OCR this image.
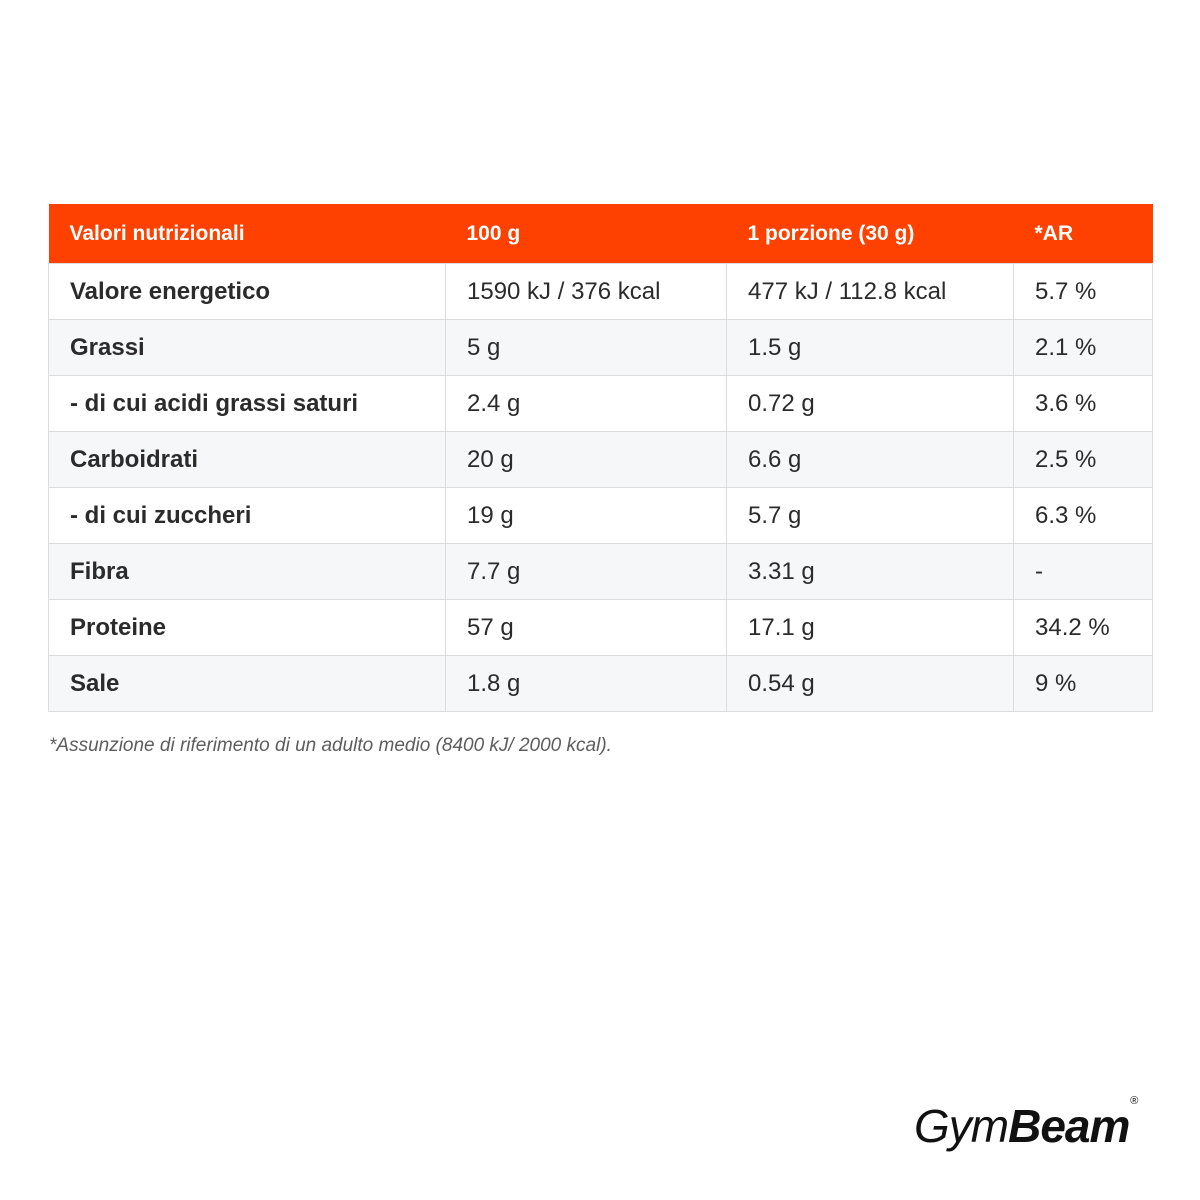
Valori nutrizionali	100 g	1 porzione (30 g)	*AR
Valore energetico	1590 kJ / 376 kcal	477 kJ / 112.8 kcal	5.7 %
Grassi	5 g	1.5 g	2.1 %
- di cui acidi grassi saturi	2.4 g	0.72 g	3.6 %
Carboidrati	20 g	6.6 g	2.5 %
- di cui zuccheri	19 g	5.7 g	6.3 %
Fibra	7.7 g	3.31 g	-
Proteine	57 g	17.1 g	34.2 %
Sale	1.8 g	0.54 g	9 %
*Assunzione di riferimento di un adulto medio (8400 kJ/ 2000 kcal).
GymBeam ®
